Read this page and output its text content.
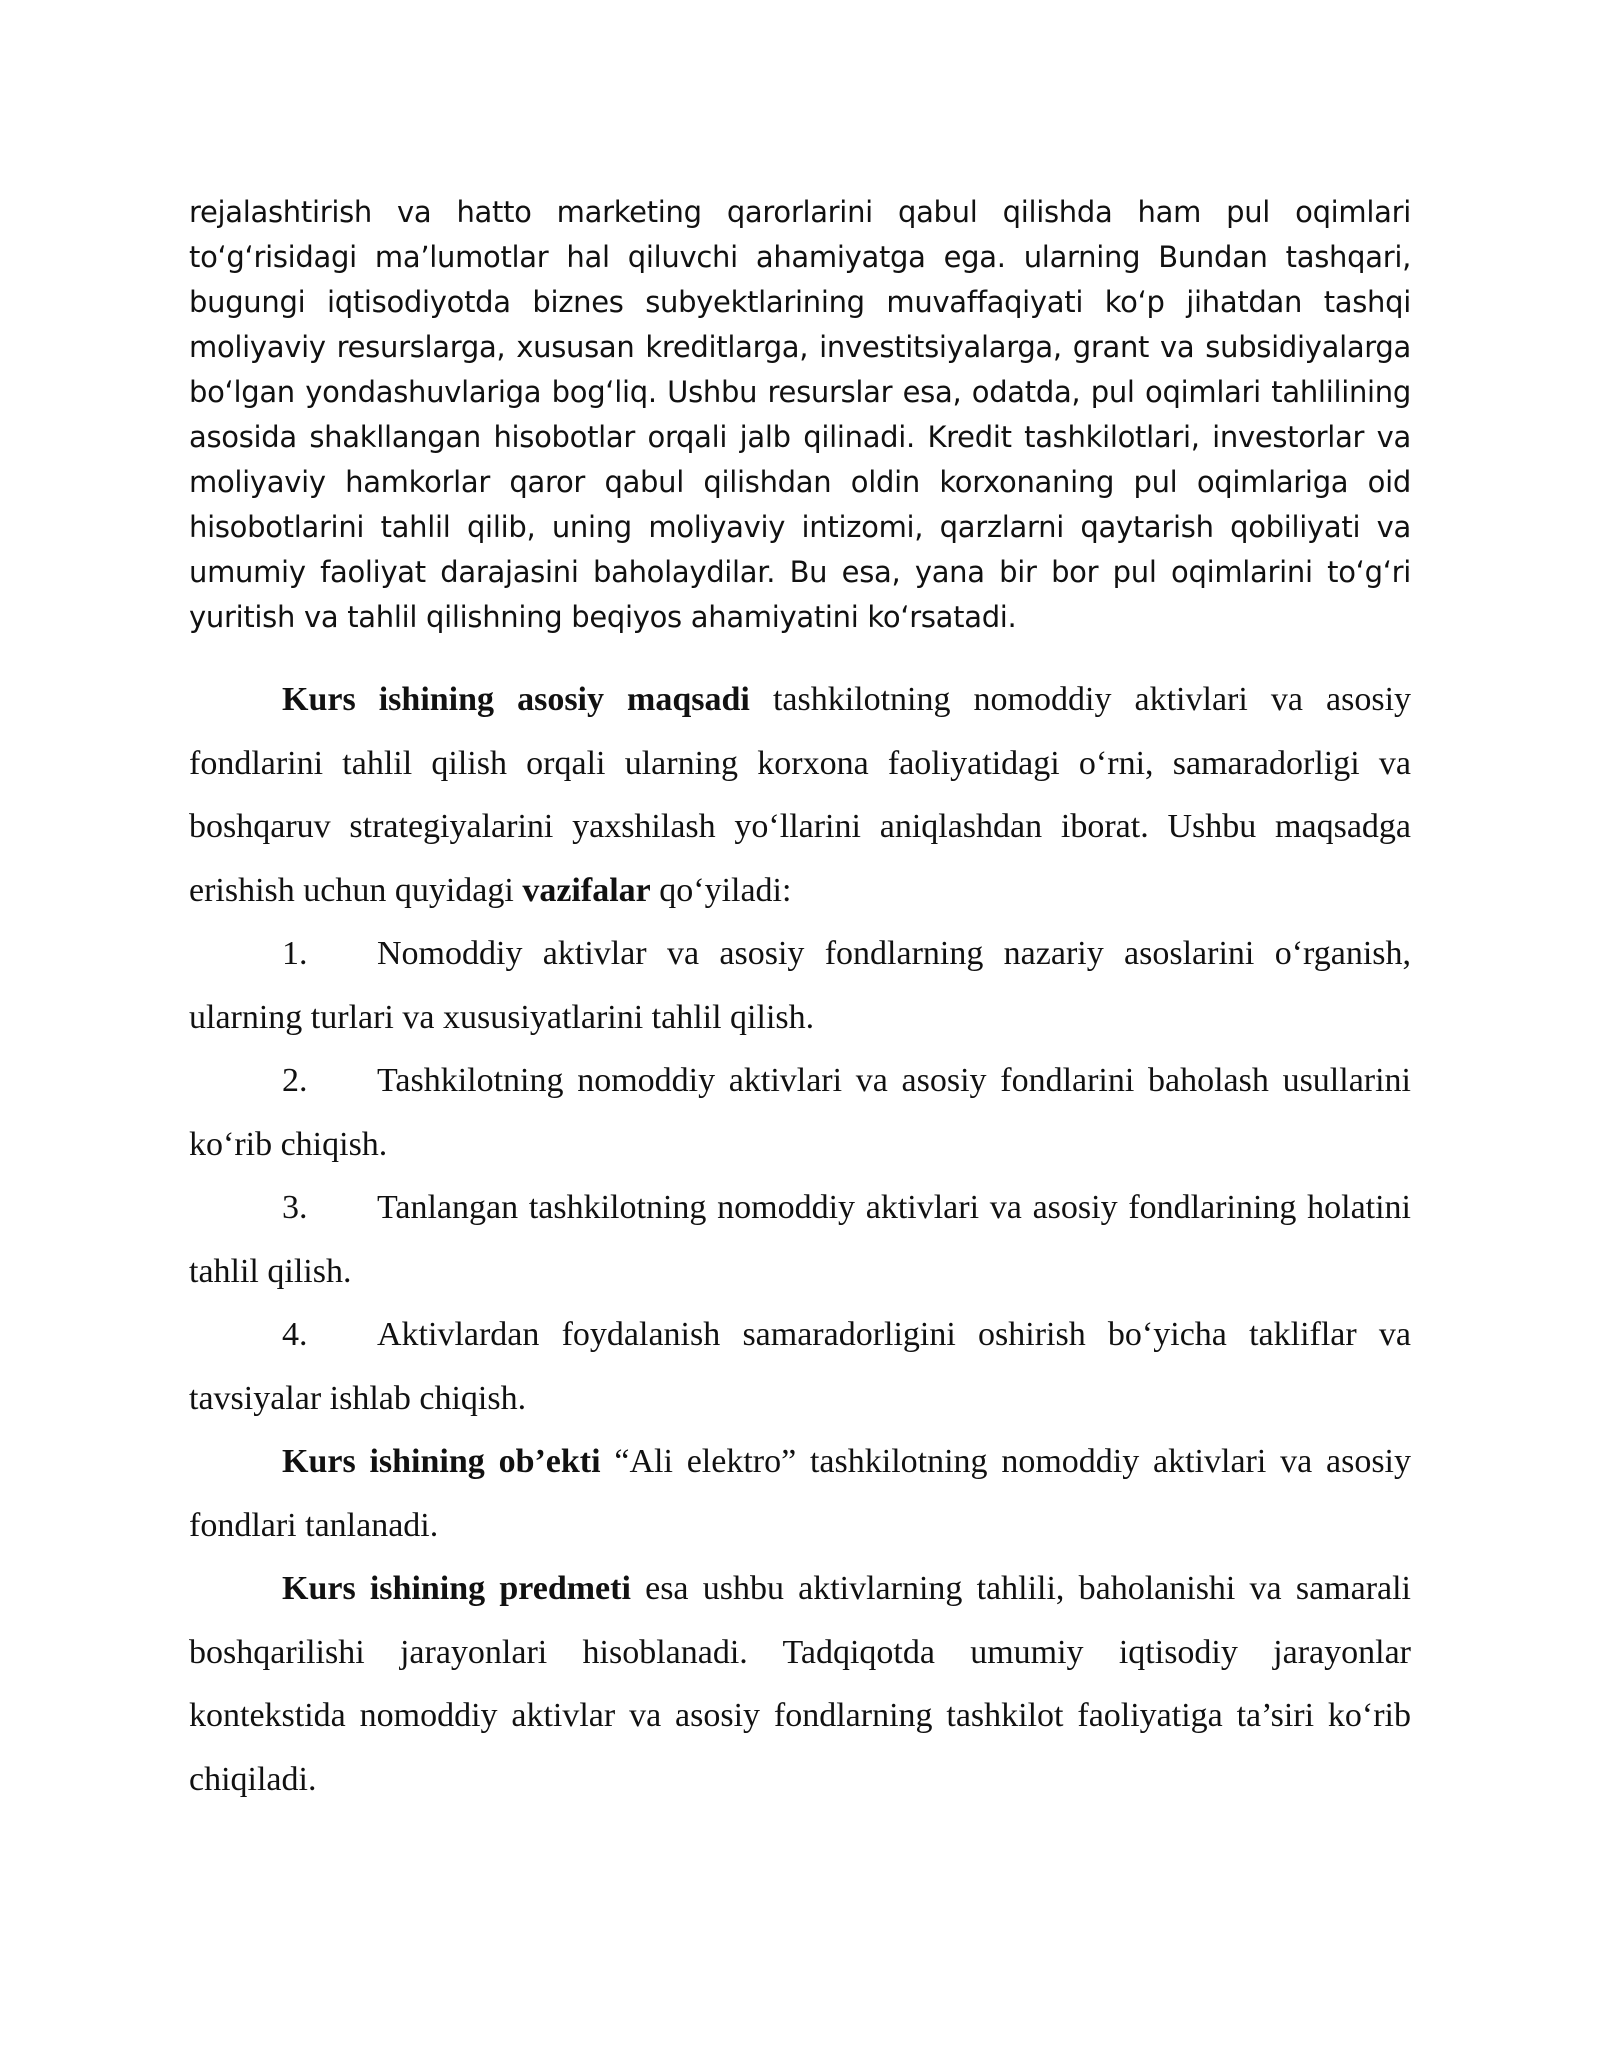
rejalashtirish va hatto marketing qarorlarini qabul qilishda ham pul oqimlari to‘g‘risidagi ma’lumotlar hal qiluvchi ahamiyatga ega. ularning Bundan tashqari, bugungi iqtisodiyotda biznes subyektlarining muvaffaqiyati ko‘p jihatdan tashqi moliyaviy resurslarga, xususan kreditlarga, investitsiyalarga, grant va subsidiyalarga bo‘lgan yondashuvlariga bog‘liq. Ushbu resurslar esa, odatda, pul oqimlari tahlilining asosida shakllangan hisobotlar orqali jalb qilinadi. Kredit tashkilotlari, investorlar va moliyaviy hamkorlar qaror qabul qilishdan oldin korxonaning pul oqimlariga oid hisobotlarini tahlil qilib, uning moliyaviy intizomi, qarzlarni qaytarish qobiliyati va umumiy faoliyat darajasini baholaydilar. Bu esa, yana bir bor pul oqimlarini to‘g‘ri yuritish va tahlil qilishning beqiyos ahamiyatini ko‘rsatadi.

Kurs ishining asosiy maqsadi tashkilotning nomoddiy aktivlari va asosiy fondlarini tahlil qilish orqali ularning korxona faoliyatidagi o‘rni, samaradorligi va boshqaruv strategiyalarini yaxshilash yo‘llarini aniqlashdan iborat. Ushbu maqsadga erishish uchun quyidagi vazifalar qo‘yiladi:

1. Nomoddiy aktivlar va asosiy fondlarning nazariy asoslarini o‘rganish, ularning turlari va xususiyatlarini tahlil qilish.

2. Tashkilotning nomoddiy aktivlari va asosiy fondlarini baholash usullarini ko‘rib chiqish.

3. Tanlangan tashkilotning nomoddiy aktivlari va asosiy fondlarining holatini tahlil qilish.

4. Aktivlardan foydalanish samaradorligini oshirish bo‘yicha takliflar va tavsiyalar ishlab chiqish.

Kurs ishining ob’ekti “Ali elektro” tashkilotning nomoddiy aktivlari va asosiy fondlari tanlanadi.

Kurs ishining predmeti esa ushbu aktivlarning tahlili, baholanishi va samarali boshqarilishi jarayonlari hisoblanadi. Tadqiqotda umumiy iqtisodiy jarayonlar kontekstida nomoddiy aktivlar va asosiy fondlarning tashkilot faoliyatiga ta’siri ko‘rib chiqiladi.
